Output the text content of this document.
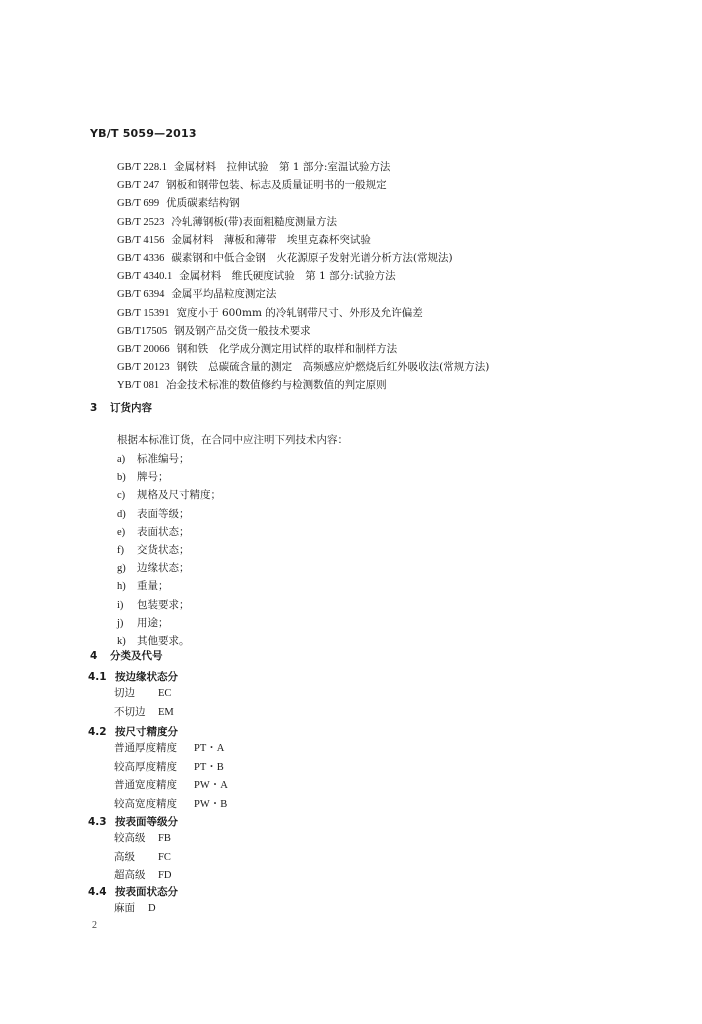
YB/T 5059—2013
GB/T 228.1 金属材料　拉伸试验　第 1 部分:室温试验方法
GB/T 247 钢板和钢带包装、标志及质量证明书的一般规定
GB/T 699 优质碳素结构钢
GB/T 2523 冷轧薄钢板(带)表面粗糙度测量方法
GB/T 4156 金属材料　薄板和薄带　埃里克森杯突试验
GB/T 4336 碳素钢和中低合金钢　火花源原子发射光谱分析方法(常规法)
GB/T 4340.1 金属材料　维氏硬度试验　第 1 部分:试验方法
GB/T 6394 金属平均晶粒度测定法
GB/T 15391 宽度小于 600mm 的冷轧钢带尺寸、外形及允许偏差
GB/T17505 钢及钢产品交货一般技术要求
GB/T 20066 钢和铁　化学成分测定用试样的取样和制样方法
GB/T 20123 钢铁　总碳硫含量的测定　高频感应炉燃烧后红外吸收法(常规方法)
YB/T 081 冶金技术标准的数值修约与检测数值的判定原则
3 订货内容
根据本标准订货，在合同中应注明下列技术内容：
a) 标准编号；
b) 牌号；
c) 规格及尺寸精度；
d) 表面等级；
e) 表面状态；
f) 交货状态；
g) 边缘状态；
h) 重量；
i) 包装要求；
j) 用途；
k) 其他要求。
4 分类及代号
4.1 按边缘状态分
切边 EC
不切边 EM
4.2 按尺寸精度分
普通厚度精度 PT・A
较高厚度精度 PT・B
普通宽度精度 PW・A
较高宽度精度 PW・B
4.3 按表面等级分
较高级 FB
高级 FC
超高级 FD
4.4 按表面状态分
麻面 D
2
